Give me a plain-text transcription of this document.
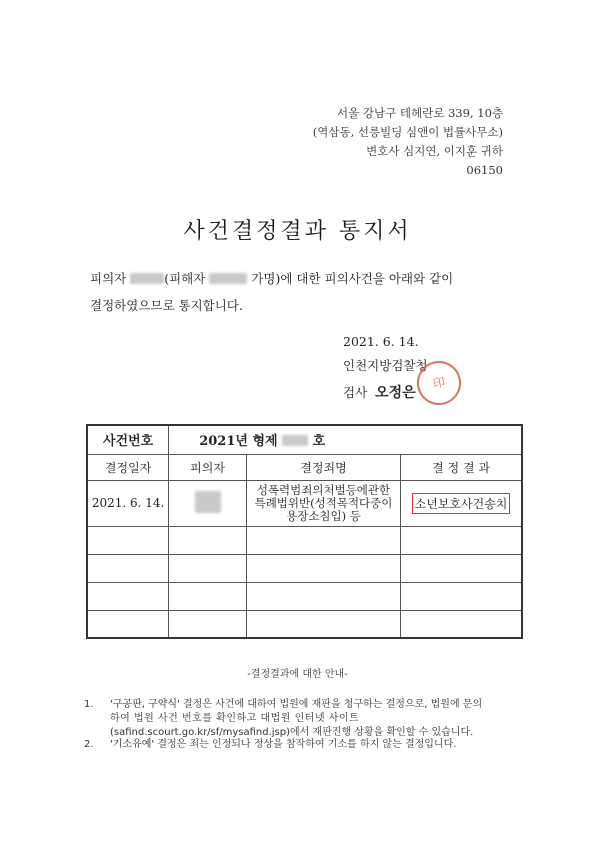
서울 강남구 테헤란로 339, 10층
(역삼동, 선릉빌딩 심앤이 법률사무소)
변호사 심지연, 이지훈 귀하
06150
사건결정결과 통지서
피의자	(피해자	가명)에 대한 피의사건을 아래와 같이
결정하였으므로 통지합니다.
2021. 6. 14.
인천지방검찰청
검사 오정은
印
사건번호	2021년 형제 호		
결정일자	피의자	결정죄명	결 정 결 과
2021. 6. 14.		성폭력범죄의처벌등에관한
특례법위반(성적목적다중이
용장소침입) 등	소년보호사건송치

-결정결과에 대한 안내-
1.	'구공판, 구약식' 결정은 사건에 대하여 법원에 재판을 청구하는 결정으로, 법원에 문의
하여 법원 사건 번호를 확인하고 대법원 인터넷 사이트
(safind.scourt.go.kr/sf/mysafind.jsp)에서 재판진행 상황을 확인할 수 있습니다.
2.	'기소유예' 결정은 죄는 인정되나 정상을 참작하여 기소를 하지 않는 결정입니다.
